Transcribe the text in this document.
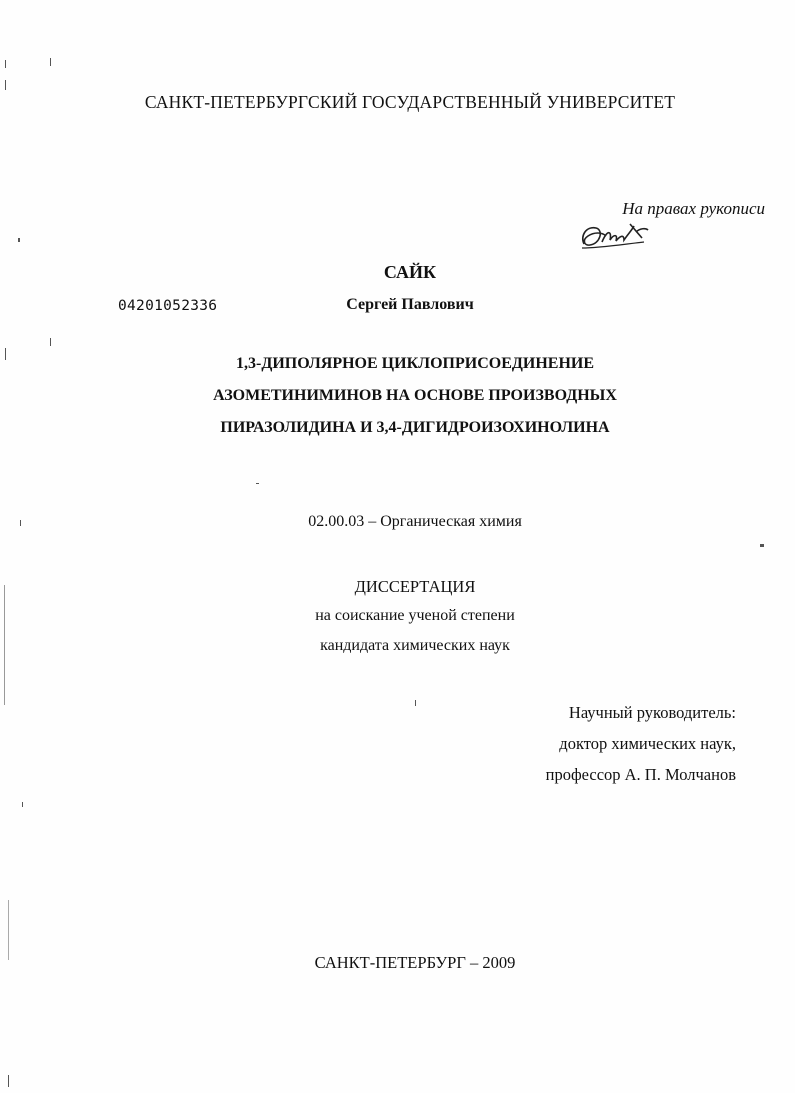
САНКТ-ПЕТЕРБУРГСКИЙ ГОСУДАРСТВЕННЫЙ УНИВЕРСИТЕТ
На правах рукописи
САЙК
04201052336	Сергей Павлович
1,3-ДИПОЛЯРНОЕ ЦИКЛОПРИСОЕДИНЕНИЕ
АЗОМЕТИНИМИНОВ НА ОСНОВЕ ПРОИЗВОДНЫХ
ПИРАЗОЛИДИНА И 3,4-ДИГИДРОИЗОХИНОЛИНА
02.00.03 – Органическая химия
ДИССЕРТАЦИЯ
на соискание ученой степени
кандидата химических наук
Научный руководитель:
доктор химических наук,
профессор А. П. Молчанов
САНКТ-ПЕТЕРБУРГ – 2009
